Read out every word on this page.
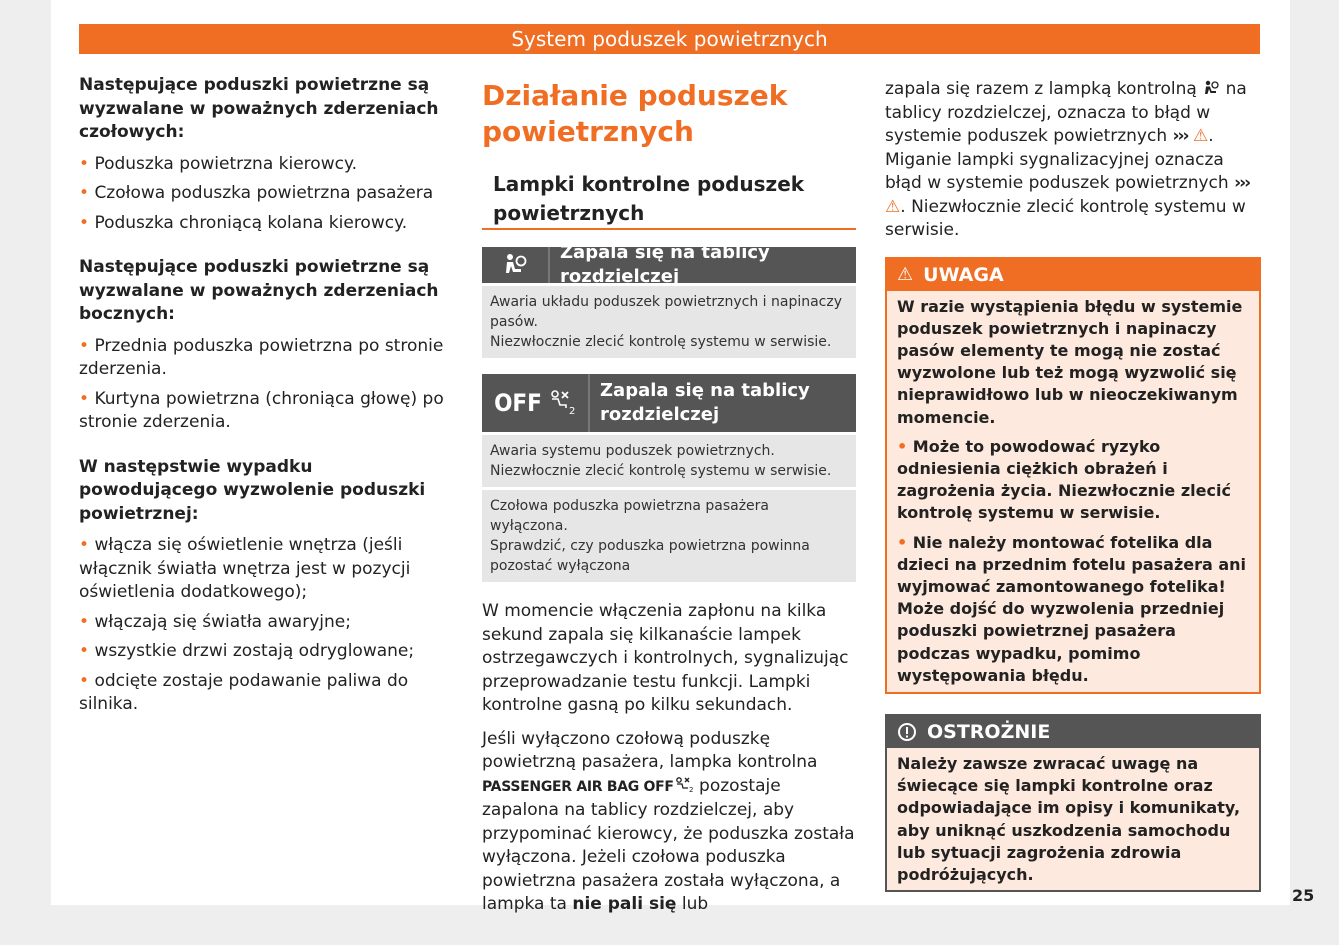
System poduszek powietrznych

Następujące poduszki powietrzne są wyzwalane w poważnych zderzeniach czołowych:

• Poduszka powietrzna kierowcy.
• Czołowa poduszka powietrzna pasażera
• Poduszka chroniącą kolana kierowcy.

Następujące poduszki powietrzne są wyzwalane w poważnych zderzeniach bocznych:

• Przednia poduszka powietrzna po stronie zderzenia.
• Kurtyna powietrzna (chroniąca głowę) po stronie zderzenia.

W następstwie wypadku powodującego wyzwolenie poduszki powietrznej:

• włącza się oświetlenie wnętrza (jeśli włącznik światła wnętrza jest w pozycji oświetlenia dodatkowego);
• włączają się światła awaryjne;
• wszystkie drzwi zostają odryglowane;
• odcięte zostaje podawanie paliwa do silnika.
Działanie poduszek powietrznych
Lampki kontrolne poduszek powietrznych
Zapala się na tablicy rozdzielczej
Awaria układu poduszek powietrznych i napinaczy pasów.
Niezwłocznie zlecić kontrolę systemu w serwisie.
OFF	2
Zapala się na tablicy rozdzielczej
Awaria systemu poduszek powietrznych.
Niezwłocznie zlecić kontrolę systemu w serwisie.
Czołowa poduszka powietrzna pasażera wyłączona.
Sprawdzić, czy poduszka powietrzna powinna pozostać wyłączona

W momencie włączenia zapłonu na kilka sekund zapala się kilkanaście lampek ostrzegawczych i kontrolnych, sygnalizując przeprowadzanie testu funkcji. Lampki kontrolne gasną po kilku sekundach.

Jeśli wyłączono czołową poduszkę powietrzną pasażera, lampka kontrolna PASSENGER AIR BAG OFF 2 pozostaje zapalona na tablicy rozdzielczej, aby przypominać kierowcy, że poduszka została wyłączona. Jeżeli czołowa poduszka powietrzna pasażera została wyłączona, a lampka ta nie pali się lub

zapala się razem z lampką kontrolną na tablicy rozdzielczej, oznacza to błąd w systemie poduszek powietrznych ››› ⚠. Miganie lampki sygnalizacyjnej oznacza błąd w systemie poduszek powietrznych ››› ⚠. Niezwłocznie zlecić kontrolę systemu w serwisie.

⚠ UWAGA

W razie wystąpienia błędu w systemie poduszek powietrznych i napinaczy pasów elementy te mogą nie zostać wyzwolone lub też mogą wyzwolić się nieprawidłowo lub w nieoczekiwanym momencie.

• Może to powodować ryzyko odniesienia ciężkich obrażeń i zagrożenia życia. Niezwłocznie zlecić kontrolę systemu w serwisie.

• Nie należy montować fotelika dla dzieci na przednim fotelu pasażera ani wyjmować zamontowanego fotelika! Może dojść do wyzwolenia przedniej poduszki powietrznej pasażera podczas wypadku, pomimo występowania błędu.

OSTROŻNIE
Należy zawsze zwracać uwagę na świecące się lampki kontrolne oraz odpowiadające im opisy i komunikaty, aby uniknąć uszkodzenia samochodu lub sytuacji zagrożenia zdrowia podróżujących.
25
